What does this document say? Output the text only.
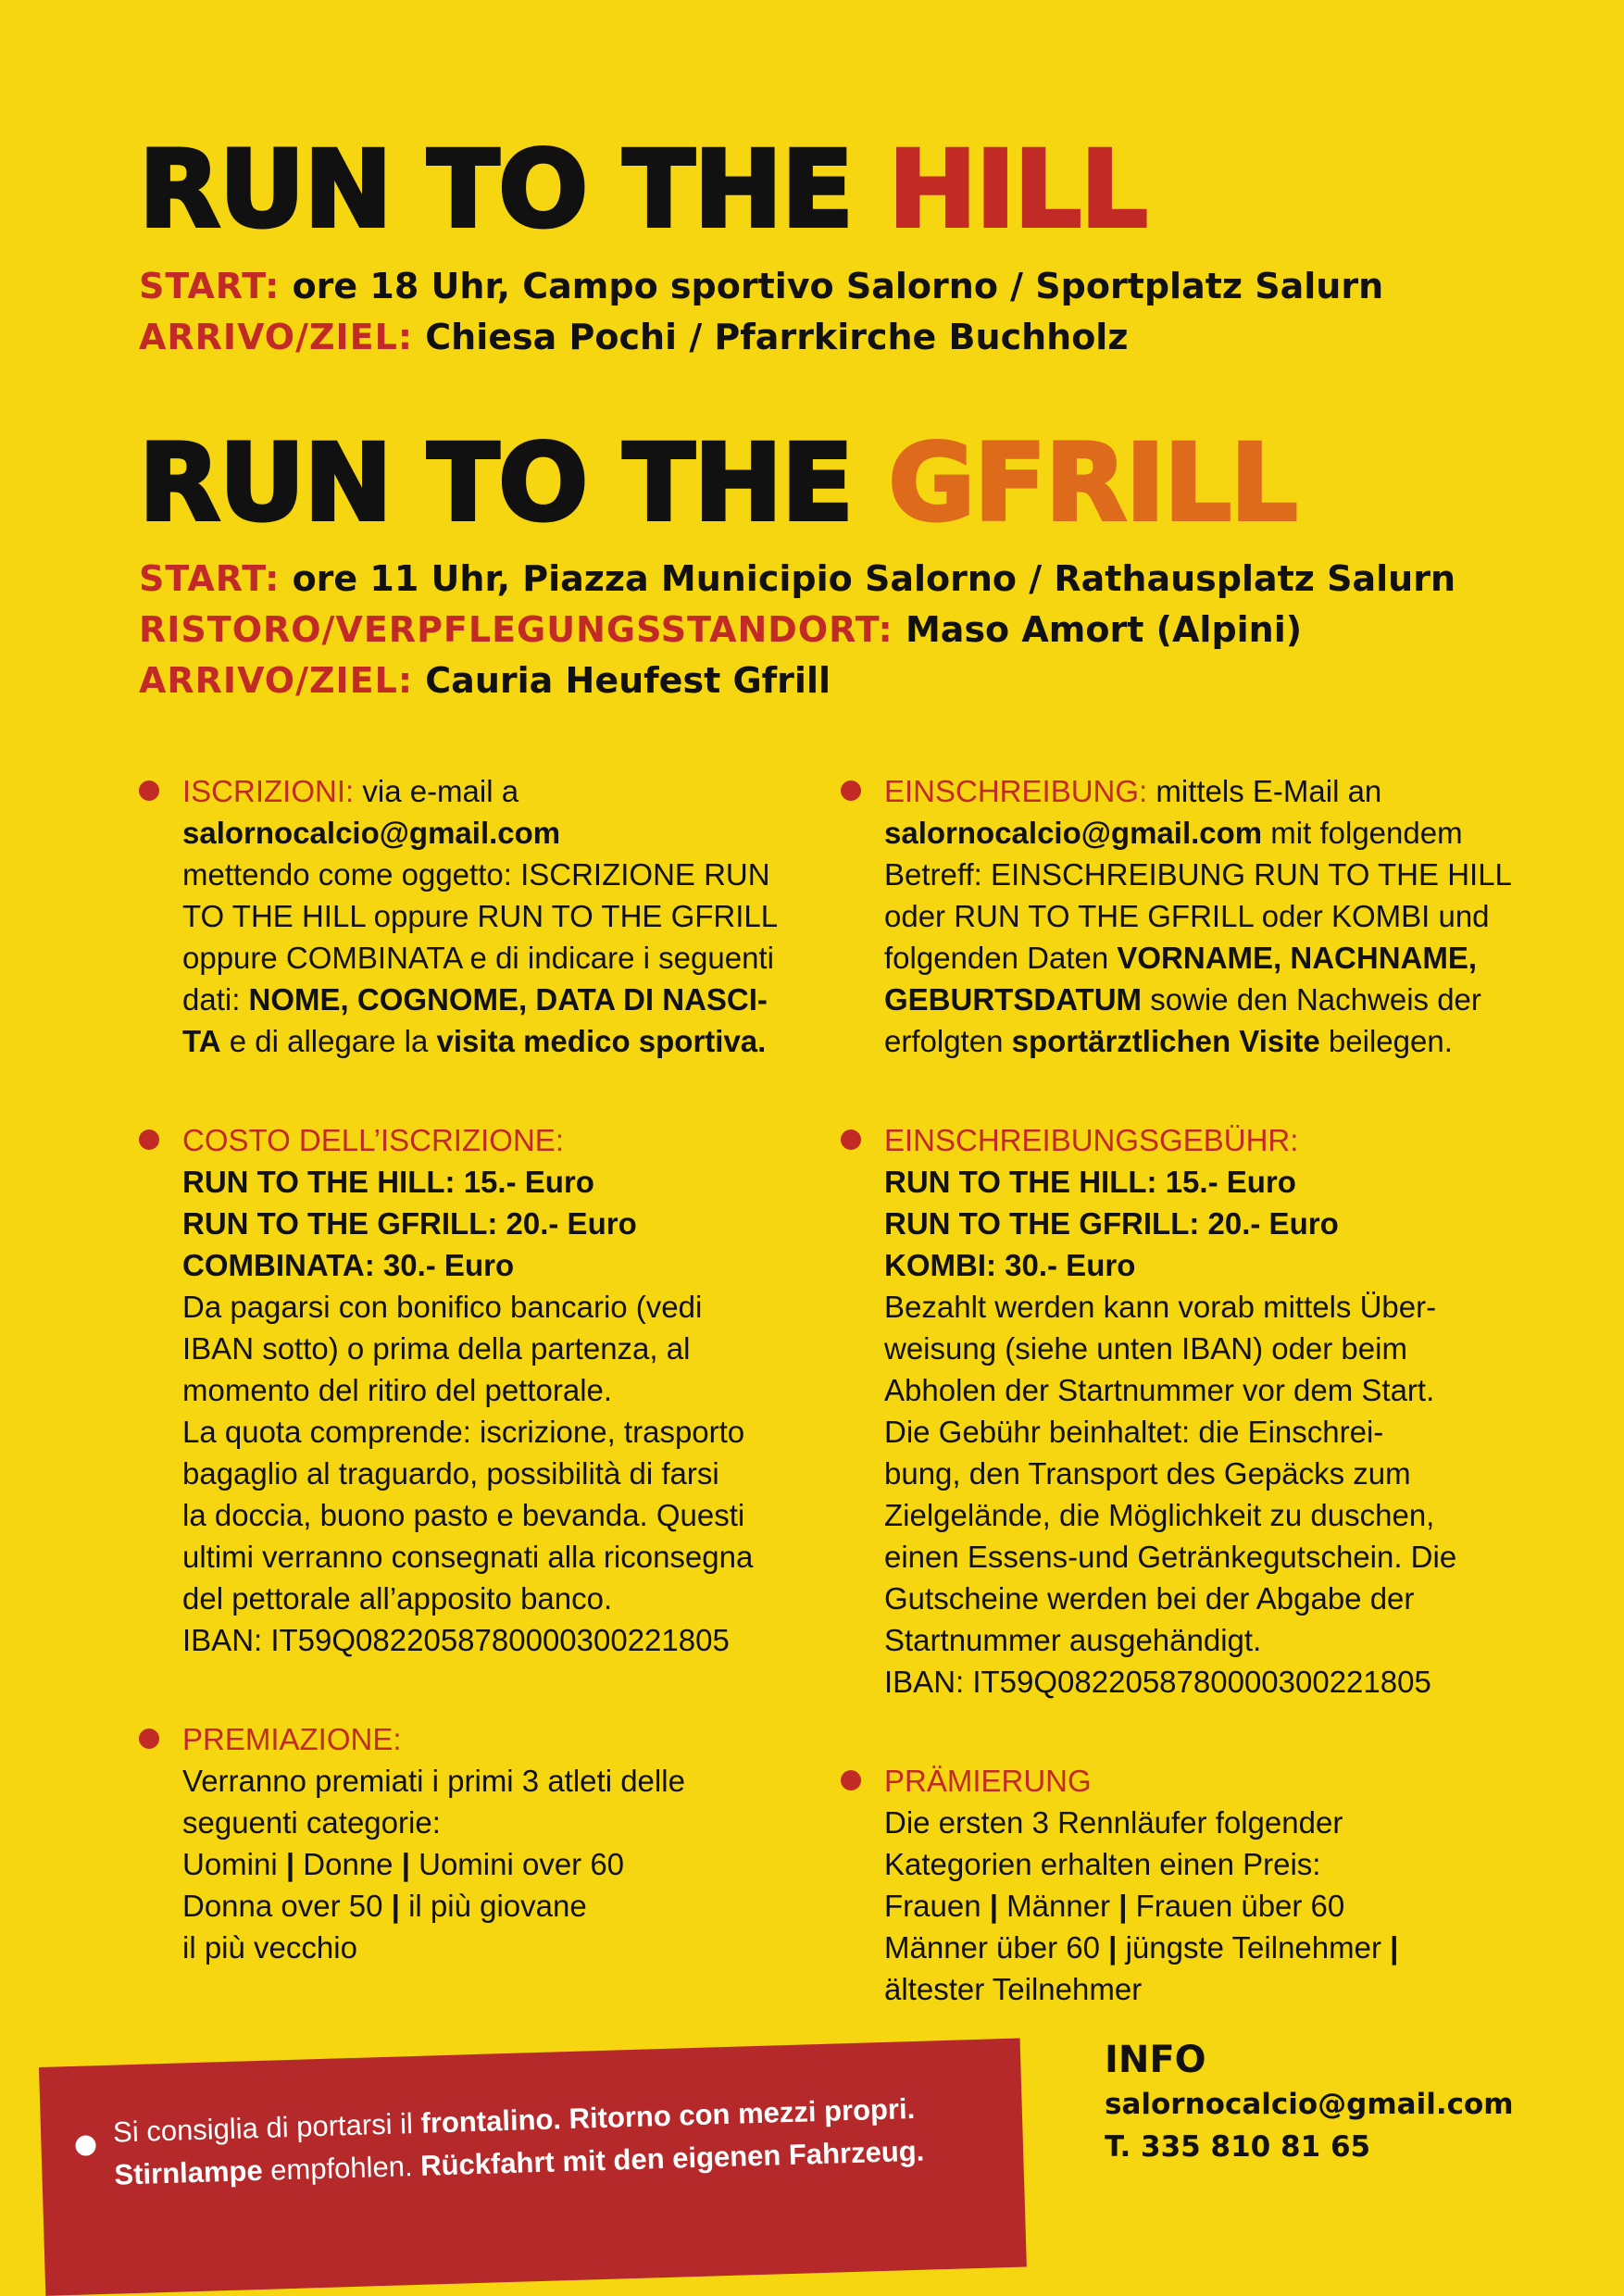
RUN TO THE HILL
START: ore 18 Uhr, Campo sportivo Salorno / Sportplatz Salurn
ARRIVO/ZIEL: Chiesa Pochi / Pfarrkirche Buchholz
RUN TO THE GFRILL
START: ore 11 Uhr, Piazza Municipio Salorno / Rathausplatz Salurn
RISTORO/VERPFLEGUNGSSTANDORT: Maso Amort (Alpini)
ARRIVO/ZIEL: Cauria Heufest Gfrill
ISCRIZIONI: via e-mail a
salornocalcio@gmail.com
mettendo come oggetto: ISCRIZIONE RUN
TO THE HILL oppure RUN TO THE GFRILL
oppure COMBINATA e di indicare i seguenti
dati: NOME, COGNOME, DATA DI NASCI-
TA e di allegare la visita medico sportiva.
COSTO DELL’ISCRIZIONE:
RUN TO THE HILL: 15.- Euro
RUN TO THE GFRILL: 20.- Euro
COMBINATA: 30.- Euro
Da pagarsi con bonifico bancario (vedi
IBAN sotto) o prima della partenza, al
momento del ritiro del pettorale.
La quota comprende: iscrizione, trasporto
bagaglio al traguardo, possibilità di farsi
la doccia, buono pasto e bevanda. Questi
ultimi verranno consegnati alla riconsegna
del pettorale all’apposito banco.
IBAN: IT59Q0822058780000300221805
PREMIAZIONE:
Verranno premiati i primi 3 atleti delle
seguenti categorie:
Uomini | Donne | Uomini over 60
Donna over 50 | il più giovane
il più vecchio
EINSCHREIBUNG: mittels E-Mail an
salornocalcio@gmail.com mit folgendem
Betreff: EINSCHREIBUNG RUN TO THE HILL
oder RUN TO THE GFRILL oder KOMBI und
folgenden Daten VORNAME, NACHNAME,
GEBURTSDATUM sowie den Nachweis der
erfolgten sportärztlichen Visite beilegen.
EINSCHREIBUNGSGEBÜHR:
RUN TO THE HILL: 15.- Euro
RUN TO THE GFRILL: 20.- Euro
KOMBI: 30.- Euro
Bezahlt werden kann vorab mittels Über-
weisung (siehe unten IBAN) oder beim
Abholen der Startnummer vor dem Start.
Die Gebühr beinhaltet: die Einschrei-
bung, den Transport des Gepäcks zum
Zielgelände, die Möglichkeit zu duschen,
einen Essens-und Getränkegutschein. Die
Gutscheine werden bei der Abgabe der
Startnummer ausgehändigt.
IBAN: IT59Q0822058780000300221805
PRÄMIERUNG
Die ersten 3 Rennläufer folgender
Kategorien erhalten einen Preis:
Frauen | Männer | Frauen über 60
Männer über 60 | jüngste Teilnehmer |
ältester Teilnehmer
INFO
salornocalcio@gmail.com
T. 335 810 81 65
Si consiglia di portarsi il frontalino. Ritorno con mezzi propri.
Stirnlampe empfohlen. Rückfahrt mit den eigenen Fahrzeug.
